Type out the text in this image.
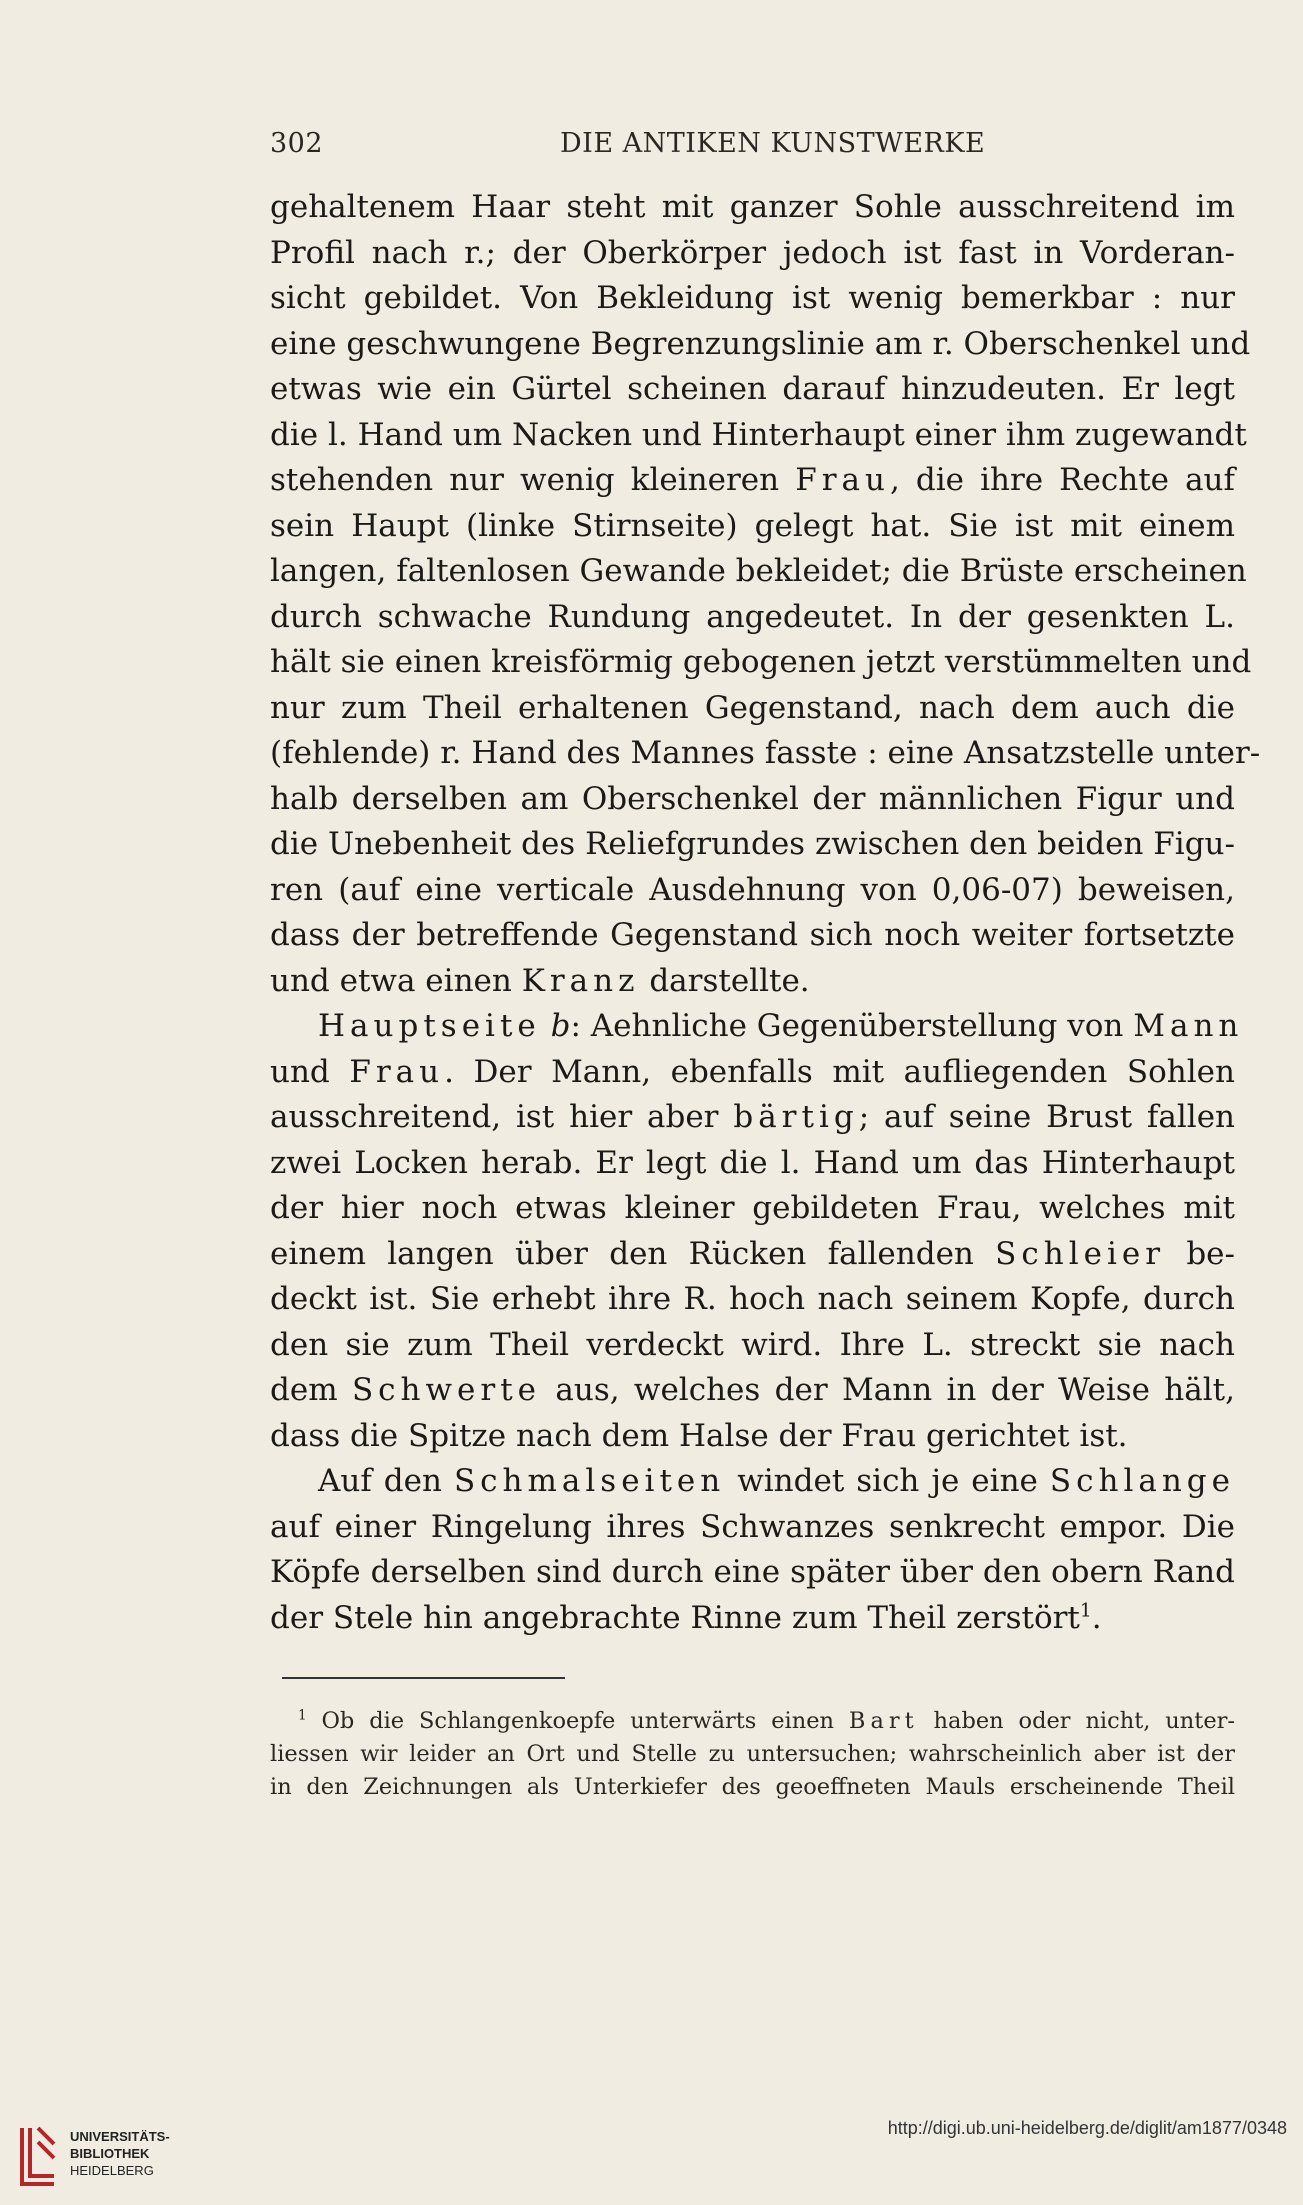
302	DIE ANTIKEN KUNSTWERKE
gehaltenem Haar steht mit ganzer Sohle ausschreitend im
Profil nach r.; der Oberkörper jedoch ist fast in Vorderan-
sicht gebildet. Von Bekleidung ist wenig bemerkbar : nur
eine geschwungene Begrenzungslinie am r. Oberschenkel und
etwas wie ein Gürtel scheinen darauf hinzudeuten. Er legt
die l. Hand um Nacken und Hinterhaupt einer ihm zugewandt
stehenden nur wenig kleineren Frau, die ihre Rechte auf
sein Haupt (linke Stirnseite) gelegt hat. Sie ist mit einem
langen, faltenlosen Gewande bekleidet; die Brüste erscheinen
durch schwache Rundung angedeutet. In der gesenkten L.
hält sie einen kreisförmig gebogenen jetzt verstümmelten und
nur zum Theil erhaltenen Gegenstand, nach dem auch die
(fehlende) r. Hand des Mannes fasste : eine Ansatzstelle unter-
halb derselben am Oberschenkel der männlichen Figur und
die Unebenheit des Reliefgrundes zwischen den beiden Figu-
ren (auf eine verticale Ausdehnung von 0,06-07) beweisen,
dass der betreffende Gegenstand sich noch weiter fortsetzte
und etwa einen Kranz darstellte.
Hauptseite b: Aehnliche Gegenüberstellung von Mann
und Frau. Der Mann, ebenfalls mit aufliegenden Sohlen
ausschreitend, ist hier aber bärtig; auf seine Brust fallen
zwei Locken herab. Er legt die l. Hand um das Hinterhaupt
der hier noch etwas kleiner gebildeten Frau, welches mit
einem langen über den Rücken fallenden Schleier be-
deckt ist. Sie erhebt ihre R. hoch nach seinem Kopfe, durch
den sie zum Theil verdeckt wird. Ihre L. streckt sie nach
dem Schwerte aus, welches der Mann in der Weise hält,
dass die Spitze nach dem Halse der Frau gerichtet ist.
Auf den Schmalseiten windet sich je eine Schlange
auf einer Ringelung ihres Schwanzes senkrecht empor. Die
Köpfe derselben sind durch eine später über den obern Rand
der Stele hin angebrachte Rinne zum Theil zerstört$^1$.
$^1$ Ob die Schlangenkoepfe unterwärts einen Bart haben oder nicht, unter-
liessen wir leider an Ort und Stelle zu untersuchen; wahrscheinlich aber ist der
in den Zeichnungen als Unterkiefer des geoeffneten Mauls erscheinende Theil
UNIVERSITÄTS-
BIBLIOTHEK
HEIDELBERG
http://digi.ub.uni-heidelberg.de/diglit/am1877/0348
